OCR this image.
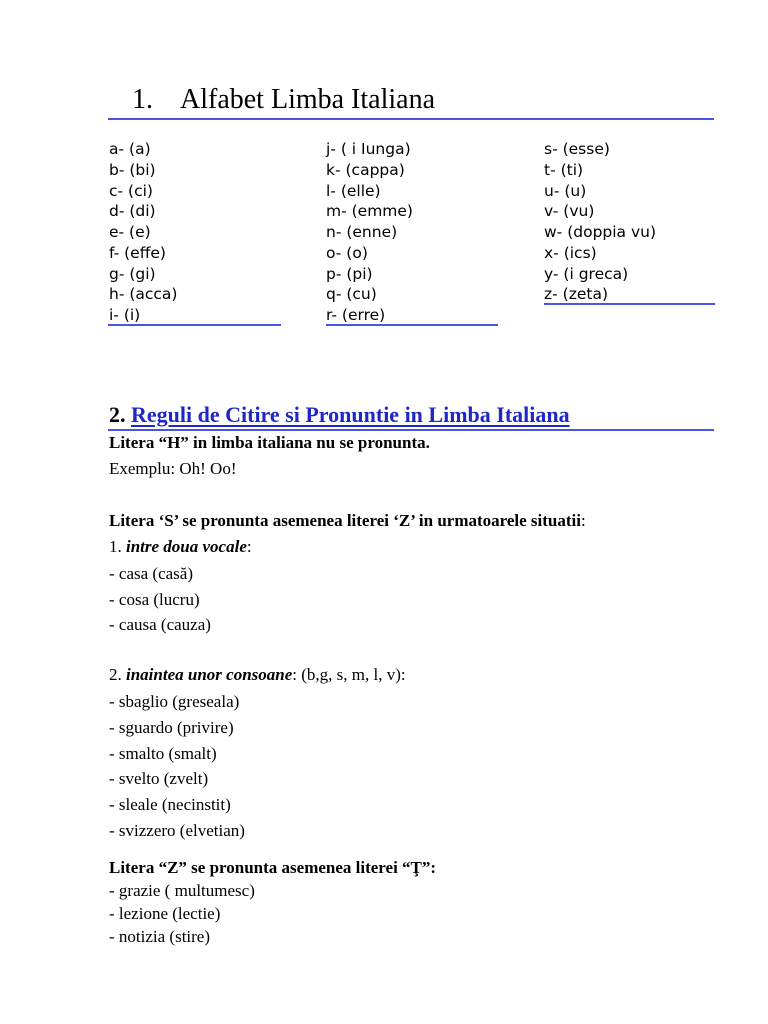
1. Alfabet Limba Italiana
a- (a)
b- (bi)
c- (ci)
d- (di)
e- (e)
f- (effe)
g- (gi)
h- (acca)
i- (i)
j- ( i Iunga)
k- (cappa)
l- (elle)
m- (emme)
n- (enne)
o- (o)
p- (pi)
q- (cu)
r- (erre)
s- (esse)
t- (ti)
u- (u)
v- (vu)
w- (doppia vu)
x- (ics)
y- (i greca)
z- (zeta)
2. Reguli de Citire si Pronuntie in Limba Italiana
Litera “H” in limba italiana nu se pronunta.
Exemplu: Oh! Oo!
Litera ‘S’ se pronunta asemenea literei ‘Z’ in urmatoarele situatii:
1. intre doua vocale:
- casa (casă)
- cosa (lucru)
- causa (cauza)
2. inaintea unor consoane: (b,g, s, m, l, v):
- sbaglio (greseala)
- sguardo (privire)
- smalto (smalt)
- svelto (zvelt)
- sleale (necinstit)
- svizzero (elvetian)
Litera “Z” se pronunta asemenea literei “Ţ”:
- grazie ( multumesc)
- lezione (lectie)
- notizia (stire)
